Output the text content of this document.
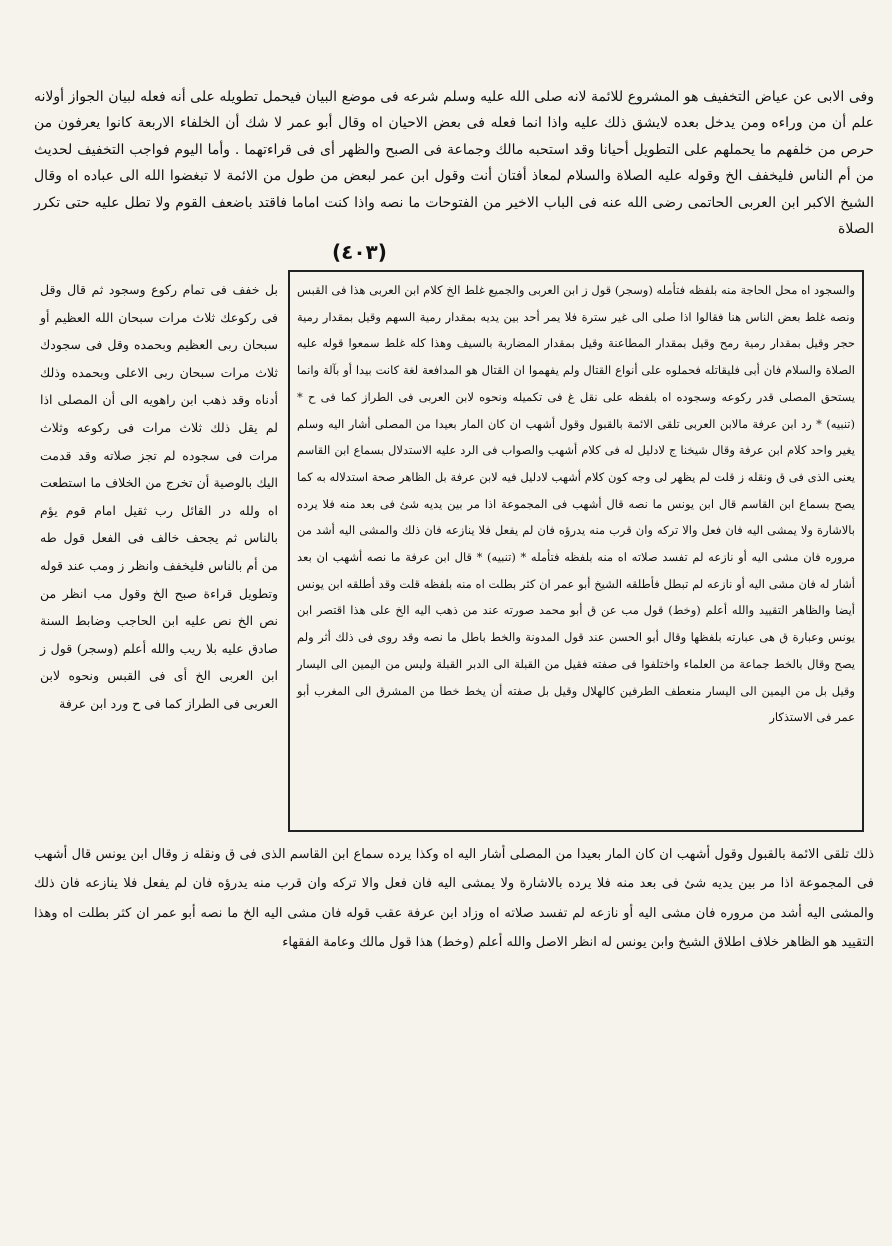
وفى الابى عن عياض التخفيف هو المشروع للائمة لانه صلى الله عليه وسلم شرعه فى موضع البيان فيحمل تطويله على أنه فعله لبيان الجواز أولانه علم أن من وراءه ومن يدخل بعده لايشق ذلك عليه واذا انما فعله فى بعض الاحيان اه وقال أبو عمر لا شك أن الخلفاء الاربعة كانوا يعرفون من حرص من خلفهم ما يحملهم على التطويل أحيانا وقد استحبه مالك وجماعة فى الصبح والظهر أى فى قراءتهما . وأما اليوم فواجب التخفيف لحديث من أم الناس فليخفف الخ وقوله عليه الصلاة والسلام لمعاذ أفتان أنت وقول ابن عمر لبعض من طول من الائمة لا تبغضوا الله الى عباده اه وقال الشيخ الاكبر ابن العربى الحاتمى رضى الله عنه فى الباب الاخير من الفتوحات ما نصه واذا كنت اماما فاقتد باضعف القوم ولا تطل عليه حتى تكرر الصلاة

(٤٠٣)

بل خفف فى تمام ركوع وسجود ثم قال وقل فى ركوعك ثلاث مرات سبحان الله العظيم أو سبحان ربى العظيم وبحمده وقل فى سجودك ثلاث مرات سبحان ربى الاعلى وبحمده وذلك أدناه وقد ذهب ابن راهويه الى أن المصلى اذا لم يقل ذلك ثلاث مرات فى ركوعه وثلاث مرات فى سجوده لم تجز صلاته وقد قدمت اليك بالوصية أن تخرج من الخلاف ما استطعت اه ولله در القائل رب ثقيل امام قوم يؤم بالناس ثم يجحف خالف فى الفعل قول طه من أم بالناس فليخفف وانظر ز ومب عند قوله وتطويل قراءة صبح الخ وقول مب انظر من نص الخ نص عليه ابن الحاجب وضابط السنة صادق عليه بلا ريب والله أعلم (وسجر) قول ز ابن العربى الخ أى فى القبس ونحوه لابن العربى فى الطراز كما فى ح ورد ابن عرفة

والسجود اه محل الحاجة منه بلفظه فتأمله (وسجر) قول ز ابن العربى والجميع غلط الخ كلام ابن العربى هذا فى القبس ونصه غلط بعض الناس هنا فقالوا اذا صلى الى غير سترة فلا يمر أحد بين يديه بمقدار رمية السهم وقيل بمقدار رمية حجر وقيل بمقدار رمية رمح وقيل بمقدار المطاعنة وقيل بمقدار المضاربة بالسيف وهذا كله غلط سمعوا قوله عليه الصلاة والسلام فان أبى فليقاتله فحملوه على أنواع القتال ولم يفهموا ان القتال هو المدافعة لغة كانت بيدا أو بآلة وانما يستحق المصلى قدر ركوعه وسجوده اه بلفظه على نقل غ فى تكميله ونحوه لابن العربى فى الطراز كما فى ح * (تنبيه) * رد ابن عرفة مالابن العربى تلقى الائمة بالقبول وقول أشهب ان كان المار بعيدا من المصلى أشار اليه وسلم يغير واحد كلام ابن عرفة وقال شيخنا ج لادليل له فى كلام أشهب والصواب فى الرد عليه الاستدلال بسماع ابن القاسم يعنى الذى فى ق ونقله ز قلت لم يظهر لى وجه كون كلام أشهب لادليل فيه لابن عرفة بل الظاهر صحة استدلاله به كما يصح بسماع ابن القاسم قال ابن يونس ما نصه قال أشهب فى المجموعة اذا مر بين يديه شئ فى بعد منه فلا يرده بالاشارة ولا يمشى اليه فان فعل والا تركه وان قرب منه يدرؤه فان لم يفعل فلا ينازعه فان ذلك والمشى اليه أشد من مروره فان مشى اليه أو نازعه لم تفسد صلاته اه منه بلفظه فتأمله * (تنبيه) * قال ابن عرفة ما نصه أشهب ان بعد أشار له فان مشى اليه أو نازعه لم تبطل فأطلقه الشيخ أبو عمر ان كثر بطلت اه منه بلفظه قلت وقد أطلقه ابن يونس أيضا والظاهر التقييد والله أعلم (وخط) قول مب عن ق أبو محمد صورته عند من ذهب اليه الخ على هذا اقتصر ابن يونس وعبارة ق هى عبارته بلفظها وقال أبو الحسن عند قول المدونة والخط باطل ما نصه وقد روى فى ذلك أثر ولم يصح وقال بالخط جماعة من العلماء واختلفوا فى صفته فقيل من القبلة الى الدبر القبلة وليس من اليمين الى اليسار وقيل بل من اليمين الى اليسار منعطف الطرفين كالهلال وقيل بل صفته أن يخط خطا من المشرق الى المغرب أبو عمر فى الاستذكار

ذلك تلقى الائمة بالقبول وقول أشهب ان كان المار بعيدا من المصلى أشار اليه اه وكذا يرده سماع ابن القاسم الذى فى ق ونقله ز وقال ابن يونس قال أشهب فى المجموعة اذا مر بين يديه شئ فى بعد منه فلا يرده بالاشارة ولا يمشى اليه فان فعل والا تركه وان قرب منه يدرؤه فان لم يفعل فلا ينازعه فان ذلك والمشى اليه أشد من مروره فان مشى اليه أو نازعه لم تفسد صلاته اه وزاد ابن عرفة عقب قوله فان مشى اليه الخ ما نصه أبو عمر ان كثر بطلت اه وهذا التقييد هو الظاهر خلاف اطلاق الشيخ وابن يونس له انظر الاصل والله أعلم (وخط) هذا قول مالك وعامة الفقهاء
